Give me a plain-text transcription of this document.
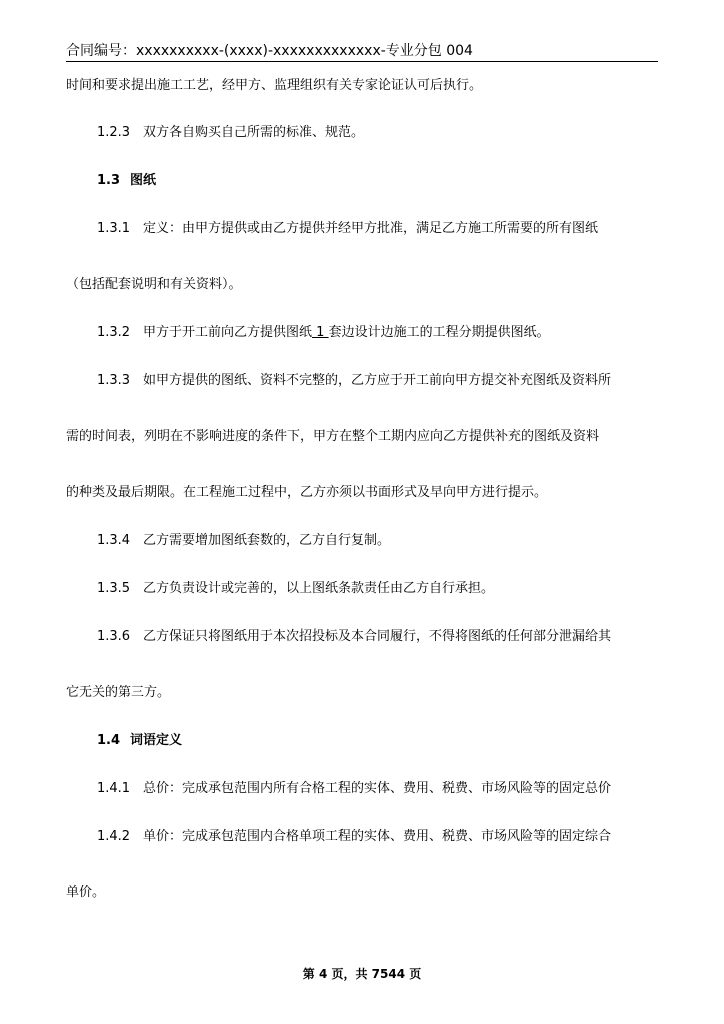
合同编号：xxxxxxxxxx-(xxxx)-xxxxxxxxxxxxx-专业分包 004
时间和要求提出施工工艺，经甲方、监理组织有关专家论证认可后执行。
1.2.3 双方各自购买自己所需的标准、规范。
1.3 图纸
1.3.1 定义：由甲方提供或由乙方提供并经甲方批准，满足乙方施工所需要的所有图纸
（包括配套说明和有关资料）。
1.3.2 甲方于开工前向乙方提供图纸 1 套边设计边施工的工程分期提供图纸。
1.3.3 如甲方提供的图纸、资料不完整的，乙方应于开工前向甲方提交补充图纸及资料所
需的时间表，列明在不影响进度的条件下，甲方在整个工期内应向乙方提供补充的图纸及资料
的种类及最后期限。在工程施工过程中，乙方亦须以书面形式及早向甲方进行提示。
1.3.4 乙方需要增加图纸套数的，乙方自行复制。
1.3.5 乙方负责设计或完善的，以上图纸条款责任由乙方自行承担。
1.3.6 乙方保证只将图纸用于本次招投标及本合同履行，不得将图纸的任何部分泄漏给其
它无关的第三方。
1.4 词语定义
1.4.1 总价：完成承包范围内所有合格工程的实体、费用、税费、市场风险等的固定总价
1.4.2 单价：完成承包范围内合格单项工程的实体、费用、税费、市场风险等的固定综合
单价。
第 4 页，共 7544 页
